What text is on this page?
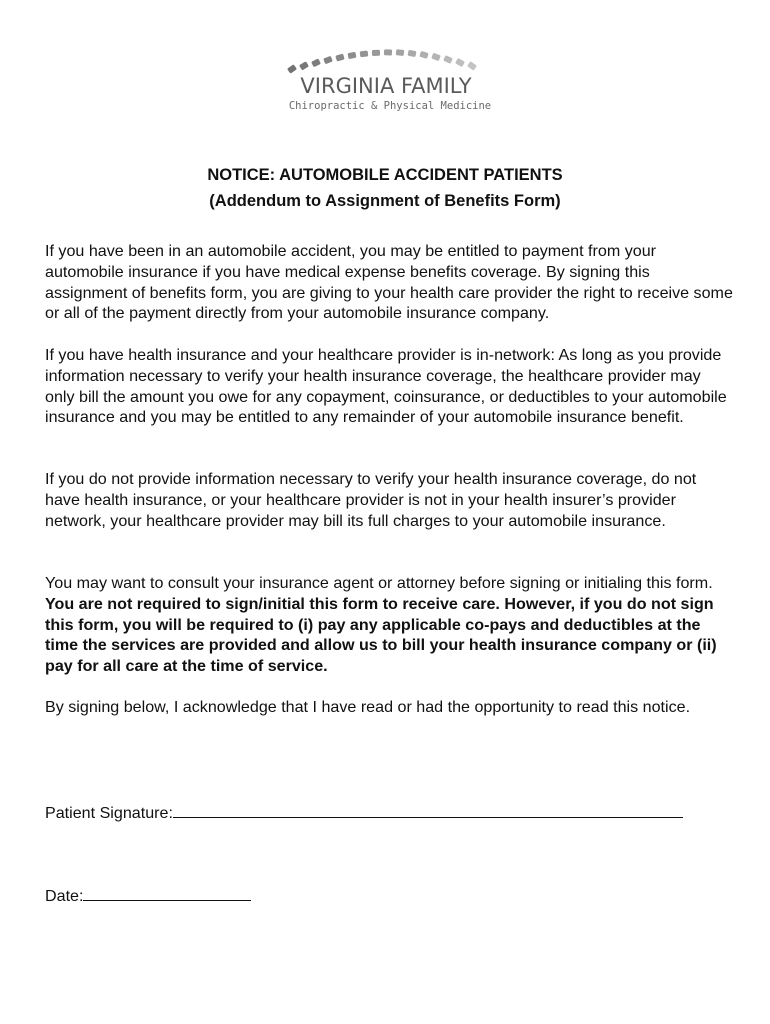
VIRGINIA FAMILY
Chiropractic & Physical Medicine
NOTICE: AUTOMOBILE ACCIDENT PATIENTS
(Addendum to Assignment of Benefits Form)

If you have been in an automobile accident, you may be entitled to payment from your automobile insurance if you have medical expense benefits coverage. By signing this assignment of benefits form, you are giving to your health care provider the right to receive some or all of the payment directly from your automobile insurance company.

If you have health insurance and your healthcare provider is in-network: As long as you provide information necessary to verify your health insurance coverage, the healthcare provider may only bill the amount you owe for any copayment, coinsurance, or deductibles to your automobile insurance and you may be entitled to any remainder of your automobile insurance benefit.

If you do not provide information necessary to verify your health insurance coverage, do not have health insurance, or your healthcare provider is not in your health insurer’s provider network, your healthcare provider may bill its full charges to your automobile insurance.

You may want to consult your insurance agent or attorney before signing or initialing this form. You are not required to sign/initial this form to receive care. However, if you do not sign this form, you will be required to (i) pay any applicable co-pays and deductibles at the time the services are provided and allow us to bill your health insurance company or (ii) pay for all care at the time of service.

By signing below, I acknowledge that I have read or had the opportunity to read this notice.

Patient Signature:
Date:
